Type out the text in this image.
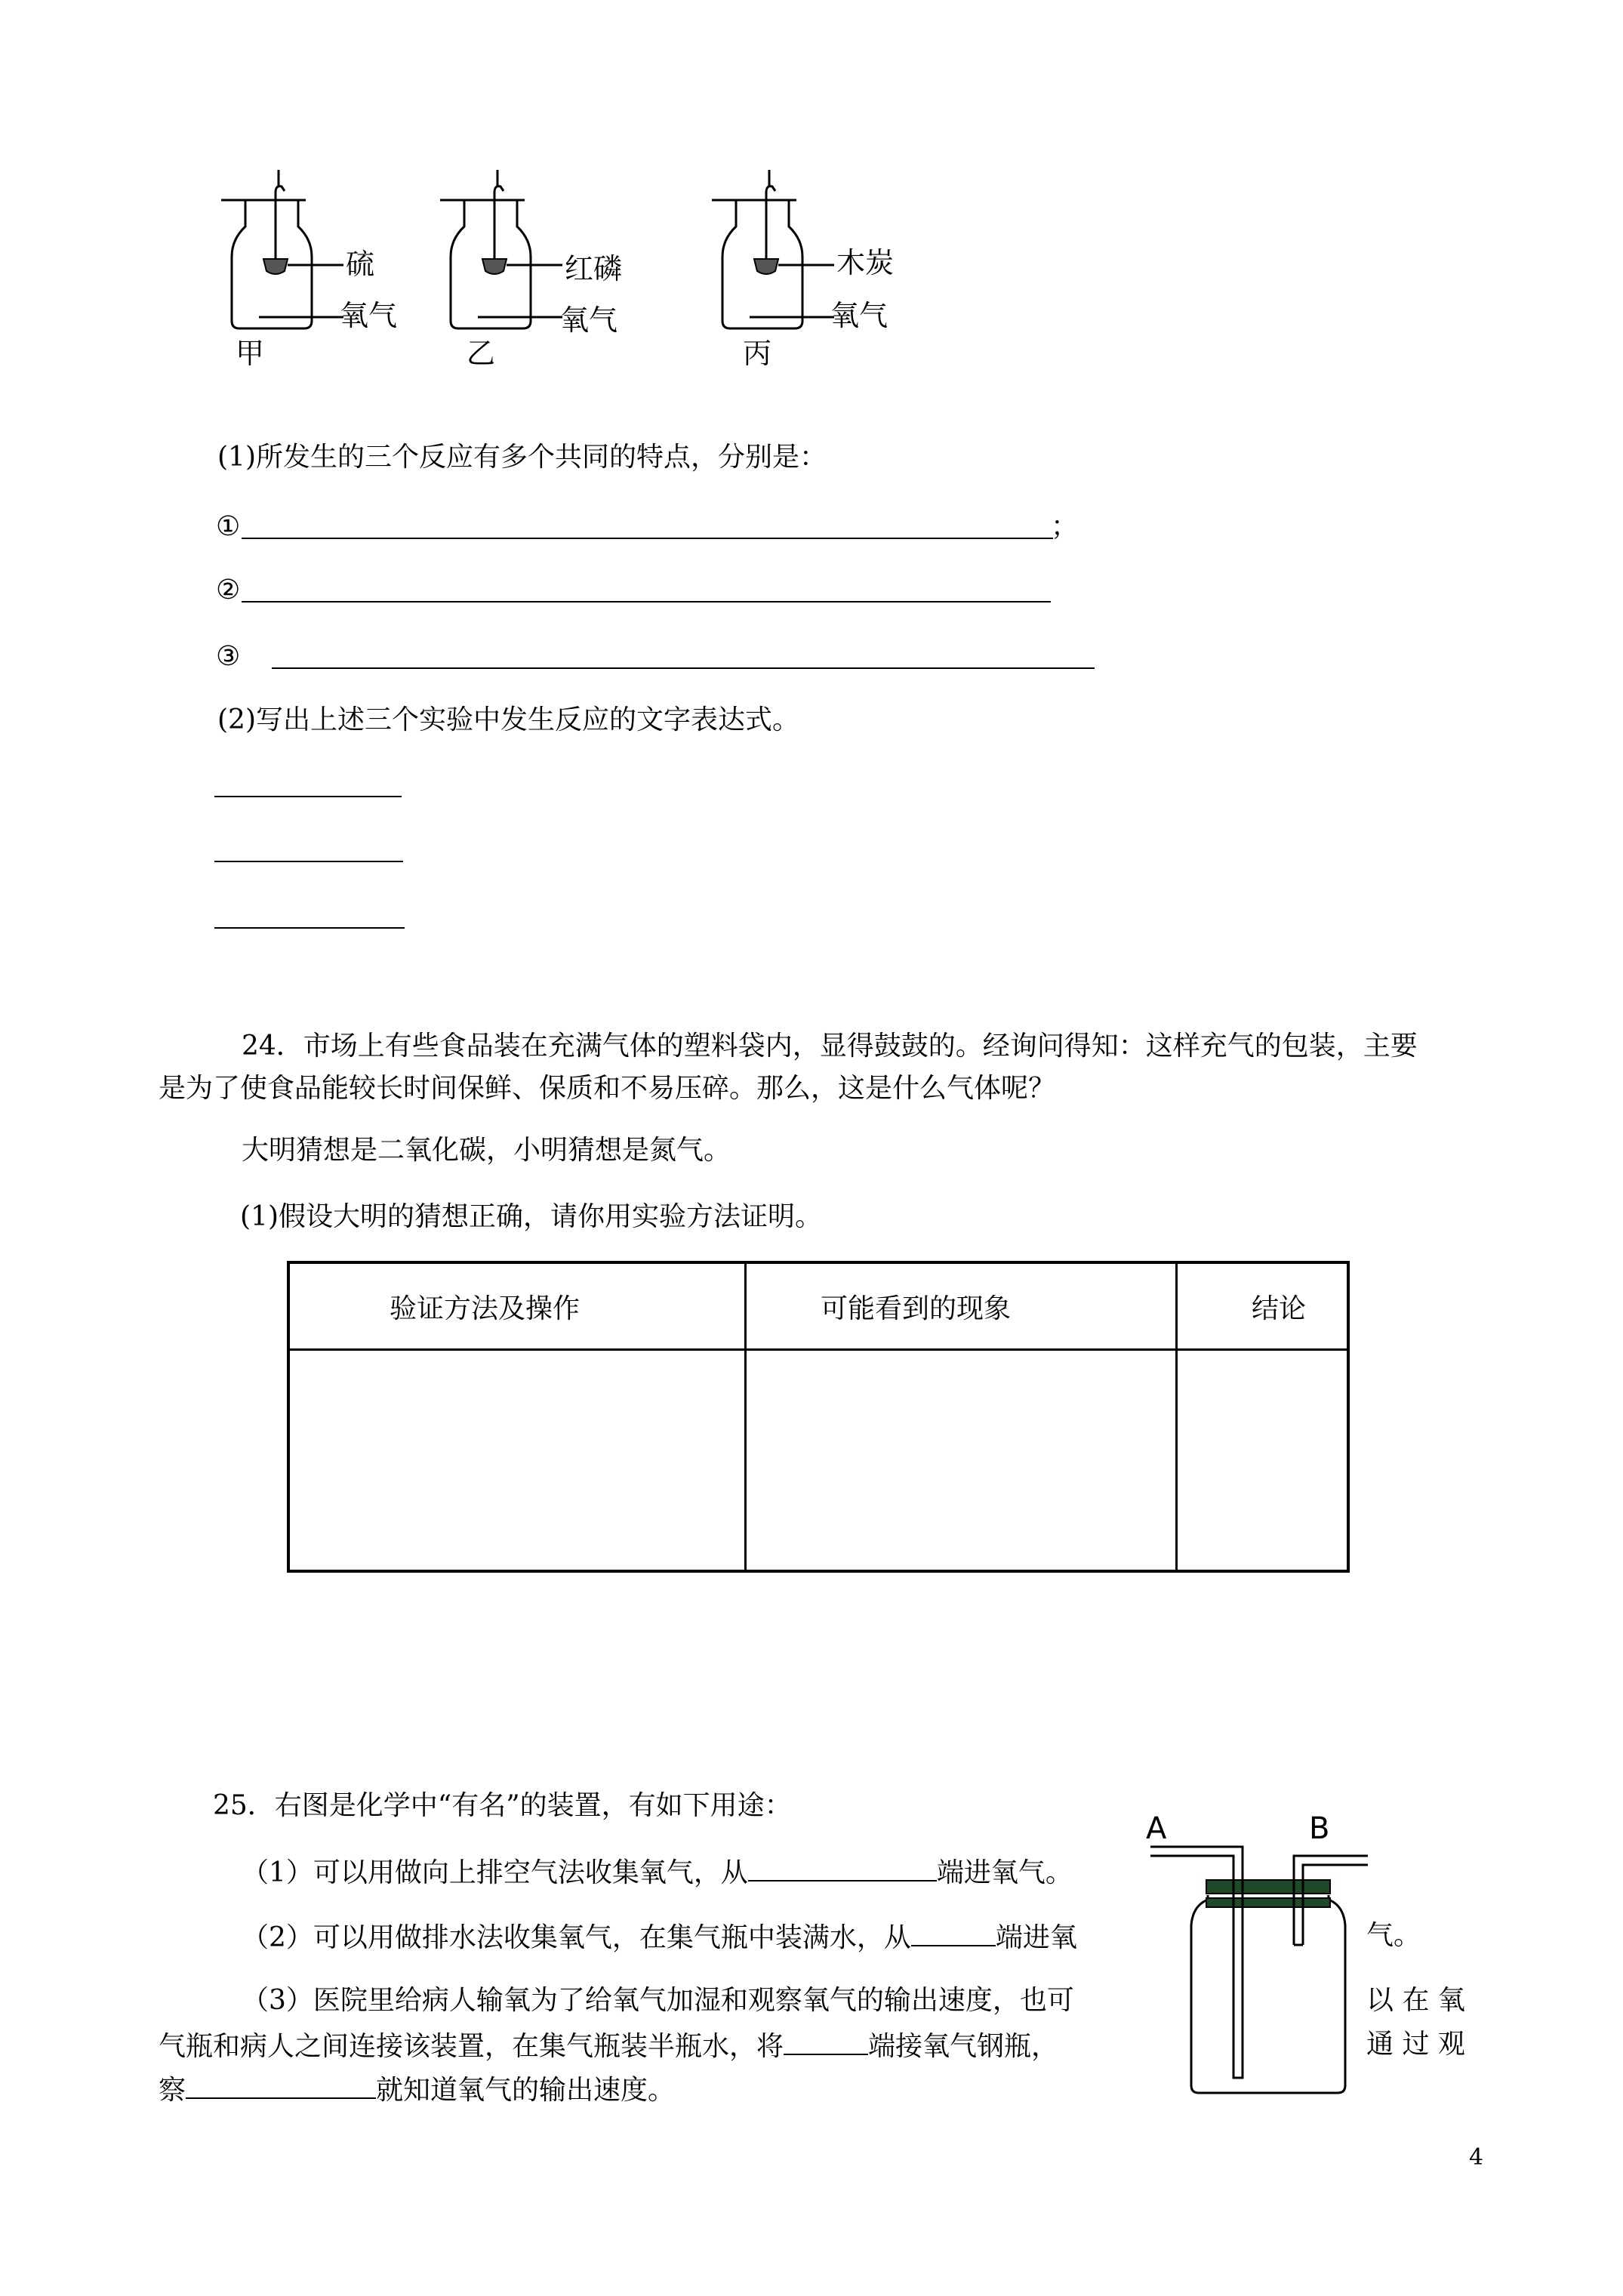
硫
氧气
甲
红磷
氧气
乙
木炭
氧气
丙
(1)所发生的三个反应有多个共同的特点，分别是：
①	；
②
③
(2)写出上述三个实验中发生反应的文字表达式。
24．市场上有些食品装在充满气体的塑料袋内，显得鼓鼓的。经询问得知：这样充气的包装，主要
是为了使食品能较长时间保鲜、保质和不易压碎。那么，这是什么气体呢？
大明猜想是二氧化碳，小明猜想是氮气。
(1)假设大明的猜想正确，请你用实验方法证明。
验证方法及操作	可能看到的现象	结论

25．右图是化学中“有名”的装置，有如下用途：
（1）可以用做向上排空气法收集氧气，从	端进氧气。
（2）可以用做排水法收集氧气，在集气瓶中装满水，从	端进氧	气。
（3）医院里给病人输氧为了给氧气加湿和观察氧气的输出速度，也可	以 在 氧
气瓶和病人之间连接该装置，在集气瓶装半瓶水，将	端接氧气钢瓶，	通 过 观
察	就知道氧气的输出速度。
A	B
4
